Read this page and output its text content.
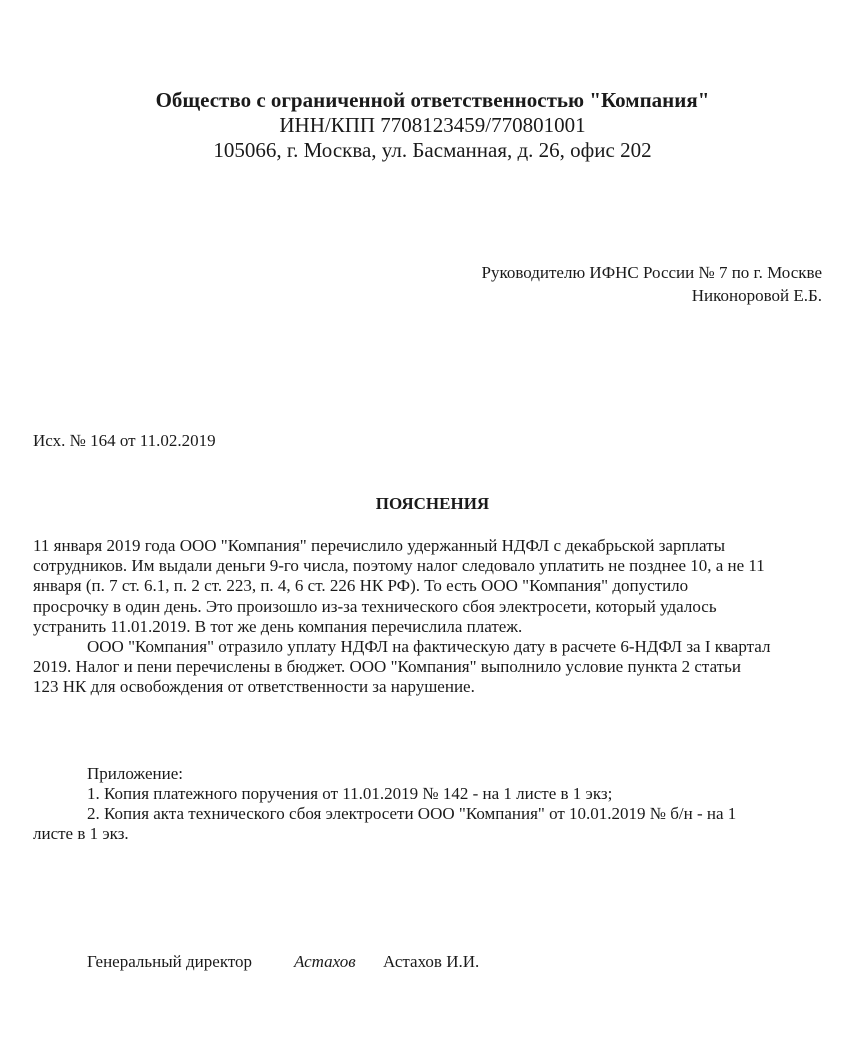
Общество с ограниченной ответственностью "Компания"
ИНН/КПП 7708123459/770801001
105066, г. Москва, ул. Басманная, д. 26, офис 202
Руководителю ИФНС России № 7 по г. Москве
Никоноровой Е.Б.
Исх. № 164 от 11.02.2019
ПОЯСНЕНИЯ
11 января 2019 года ООО "Компания" перечислило удержанный НДФЛ с декабрьской зарплаты
сотрудников. Им выдали деньги 9-го числа, поэтому налог следовало уплатить не позднее 10, а не 11
января (п. 7 ст. 6.1, п. 2 ст. 223, п. 4, 6 ст. 226 НК РФ). То есть ООО "Компания" допустило
просрочку в один день. Это произошло из-за технического сбоя электросети, который удалось
устранить 11.01.2019. В тот же день компания перечислила платеж.
ООО "Компания" отразило уплату НДФЛ на фактическую дату в расчете 6-НДФЛ за I квартал
2019. Налог и пени перечислены в бюджет. ООО "Компания" выполнило условие пункта 2 статьи
123 НК для освобождения от ответственности за нарушение.
Приложение:
1. Копия платежного поручения от 11.01.2019 № 142 - на 1 листе в 1 экз;
2. Копия акта технического сбоя электросети ООО "Компания" от 10.01.2019 № б/н - на 1
листе в 1 экз.
Генеральный директор Астахов Астахов И.И.
